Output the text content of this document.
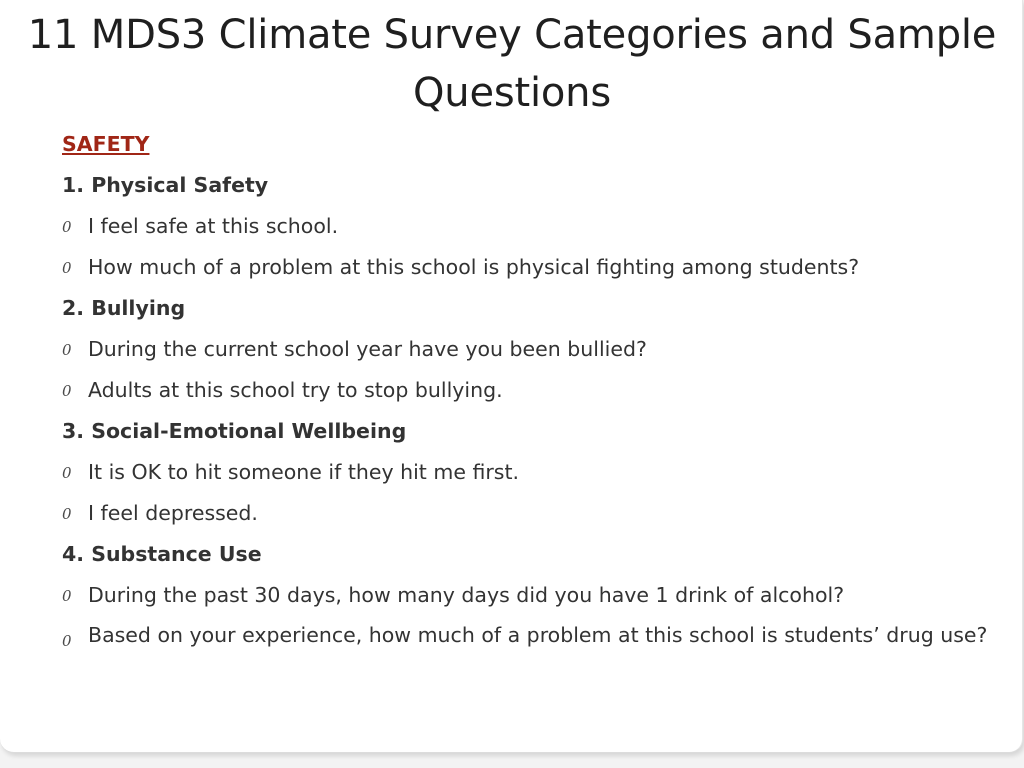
11 MDS3 Climate Survey Categories and Sample Questions
SAFETY
1. Physical Safety
0 I feel safe at this school.
0 How much of a problem at this school is physical fighting among students?
2. Bullying
0 During the current school year have you been bullied?
0 Adults at this school try to stop bullying.
3. Social-Emotional Wellbeing
0 It is OK to hit someone if they hit me first.
0 I feel depressed.
4. Substance Use
0 During the past 30 days, how many days did you have 1 drink of alcohol?
0 Based on your experience, how much of a problem at this school is students’ drug use?
